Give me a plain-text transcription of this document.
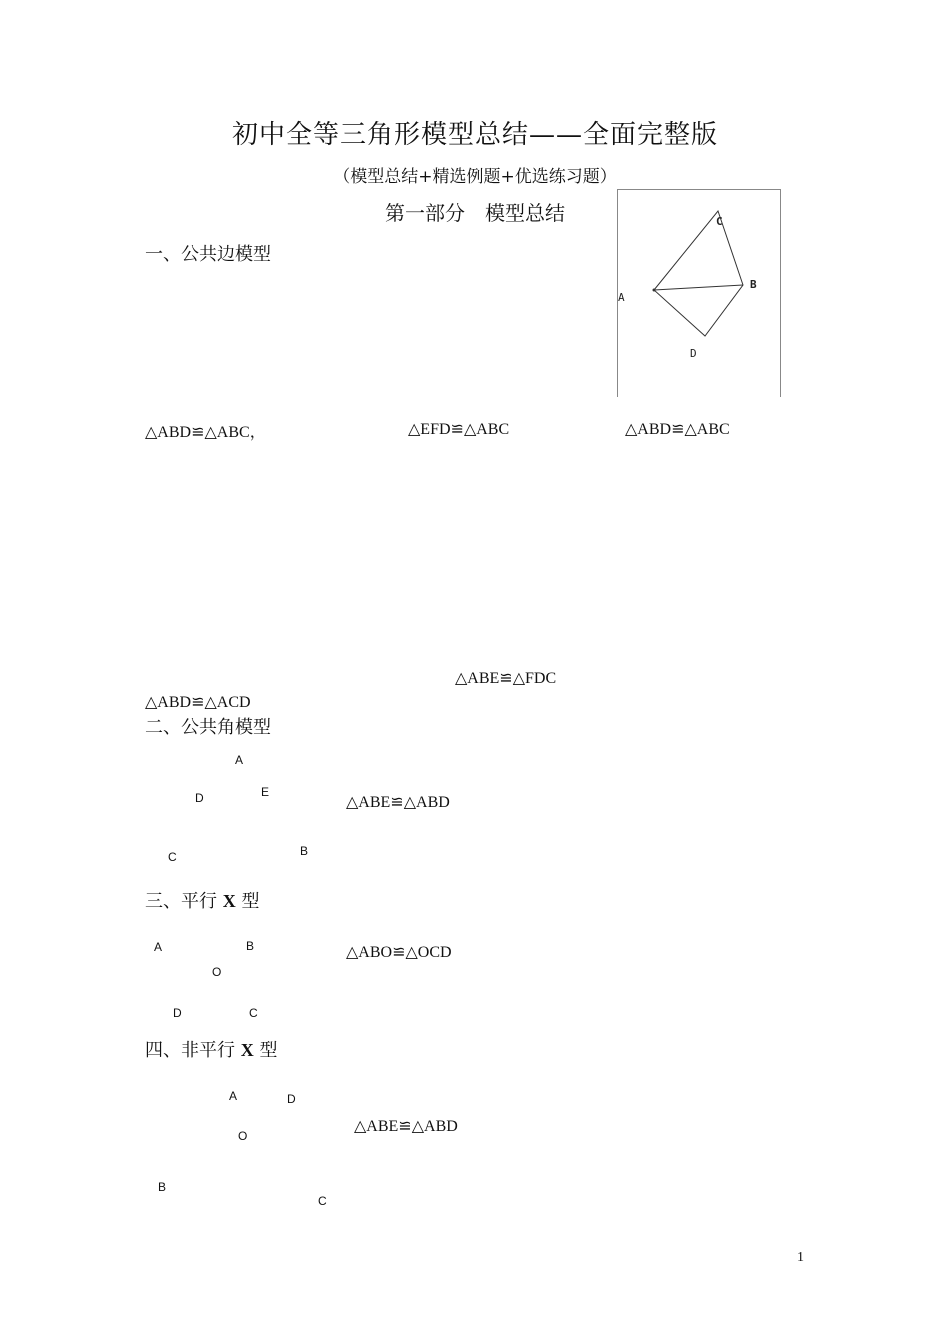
初中全等三角形模型总结——全面完整版
（模型总结+精选例题+优选练习题）
第一部分　模型总结	C
B
A
D
一、公共边模型
△ABD≌△ABC，	△EFD≌△ABC	△ABD≌△ABC
△ABE≌△FDC
△ABD≌△ACD
二、公共角模型
A
D	E
C	B
△ABE≌△ABD
三、平行 X 型
A	B
O
D	C
△ABO≌△OCD
四、非平行 X 型
A	D
O
B
C
△ABE≌△ABD
1
